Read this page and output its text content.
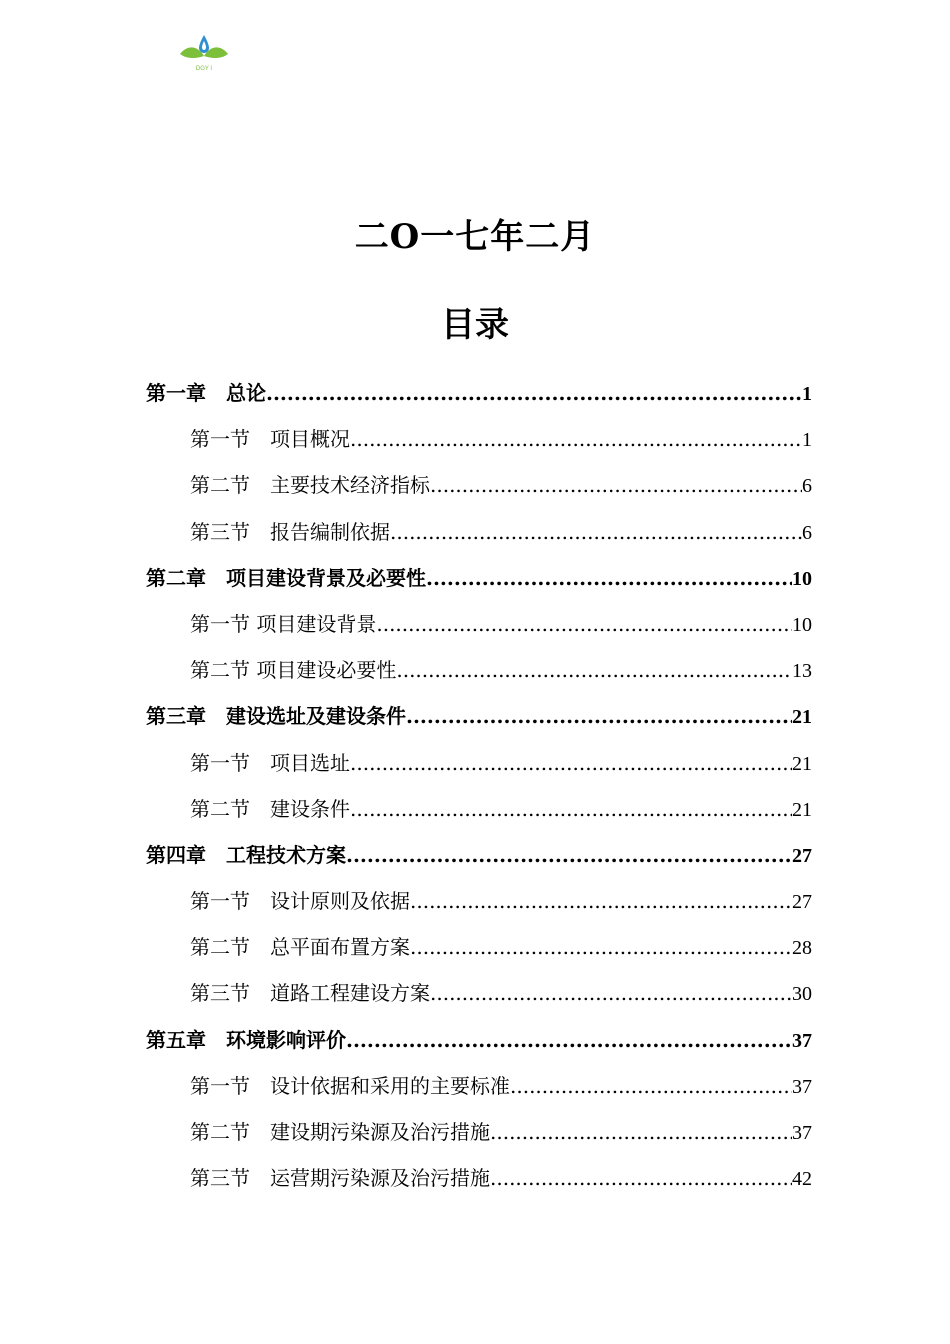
DGY I
二O一七年二月
目录
第一章　总论 .....	1
第一节　项目概况 .....	1
第二节　主要技术经济指标 .....	6
第三节　报告编制依据 .....	6
第二章　项目建设背景及必要性 .....	10
第一节 项目建设背景 .....	10
第二节 项目建设必要性 .....	13
第三章　建设选址及建设条件 .....	21
第一节　项目选址 .....	21
第二节　建设条件 .....	21
第四章　工程技术方案 .....	27
第一节　设计原则及依据 .....	27
第二节　总平面布置方案 .....	28
第三节　道路工程建设方案 .....	30
第五章　环境影响评价 .....	37
第一节　设计依据和采用的主要标准 .....	37
第二节　建设期污染源及治污措施 .....	37
第三节　运营期污染源及治污措施 .....	42
